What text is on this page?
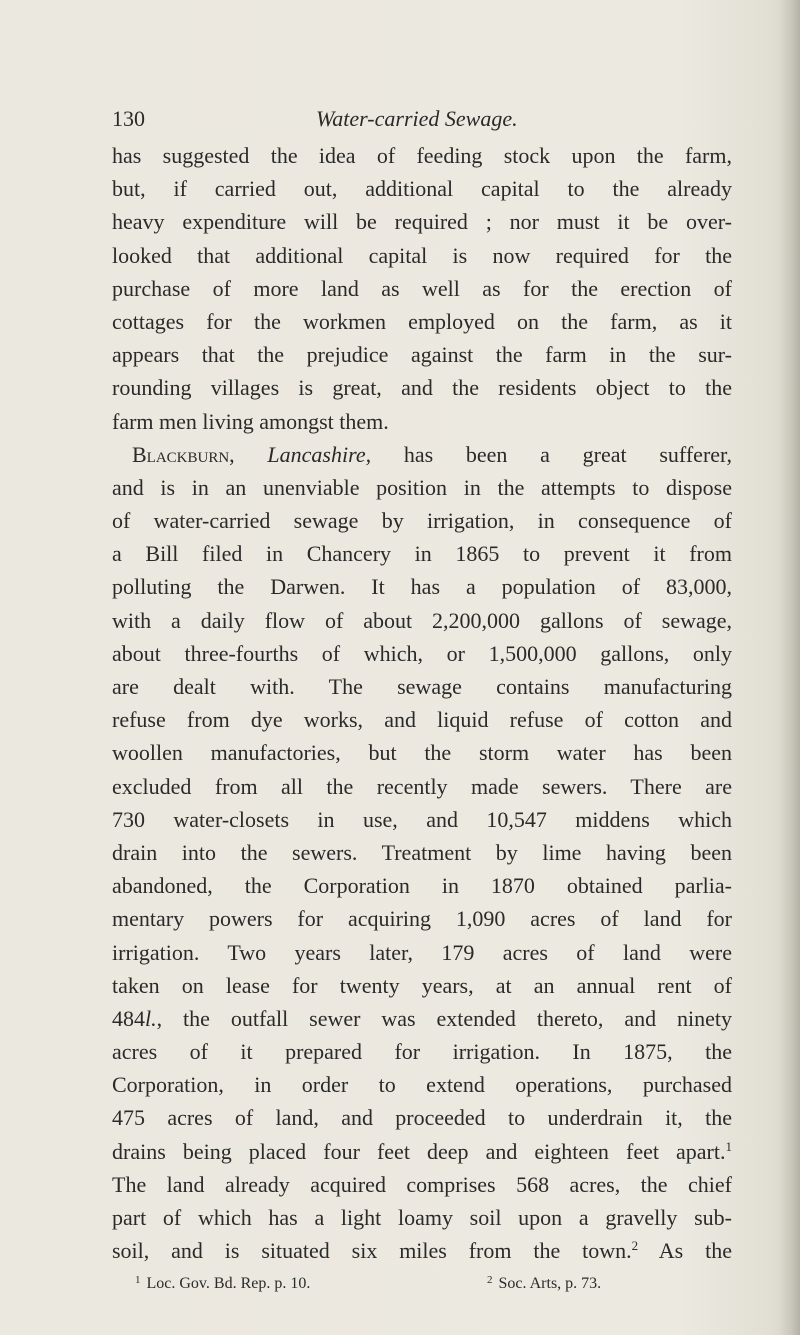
130	Water-carried Sewage.
has suggested the idea of feeding stock upon the farm,
but, if carried out, additional capital to the already
heavy expenditure will be required ; nor must it be over-
looked that additional capital is now required for the
purchase of more land as well as for the erection of
cottages for the workmen employed on the farm, as it
appears that the prejudice against the farm in the sur-
rounding villages is great, and the residents object to the
farm men living amongst them.
Blackburn, Lancashire, has been a great sufferer,
and is in an unenviable position in the attempts to dispose
of water-carried sewage by irrigation, in consequence of
a Bill filed in Chancery in 1865 to prevent it from
polluting the Darwen. It has a population of 83,000,
with a daily flow of about 2,200,000 gallons of sewage,
about three-fourths of which, or 1,500,000 gallons, only
are dealt with. The sewage contains manufacturing
refuse from dye works, and liquid refuse of cotton and
woollen manufactories, but the storm water has been
excluded from all the recently made sewers. There are
730 water-closets in use, and 10,547 middens which
drain into the sewers. Treatment by lime having been
abandoned, the Corporation in 1870 obtained parlia-
mentary powers for acquiring 1,090 acres of land for
irrigation. Two years later, 179 acres of land were
taken on lease for twenty years, at an annual rent of
484l., the outfall sewer was extended thereto, and ninety
acres of it prepared for irrigation. In 1875, the
Corporation, in order to extend operations, purchased
475 acres of land, and proceeded to underdrain it, the
drains being placed four feet deep and eighteen feet apart.$^1$
The land already acquired comprises 568 acres, the chief
part of which has a light loamy soil upon a gravelly sub-
soil, and is situated six miles from the town.$^2$ As the
$^1$ Loc. Gov. Bd. Rep. p. 10.	$^2$ Soc. Arts, p. 73.
